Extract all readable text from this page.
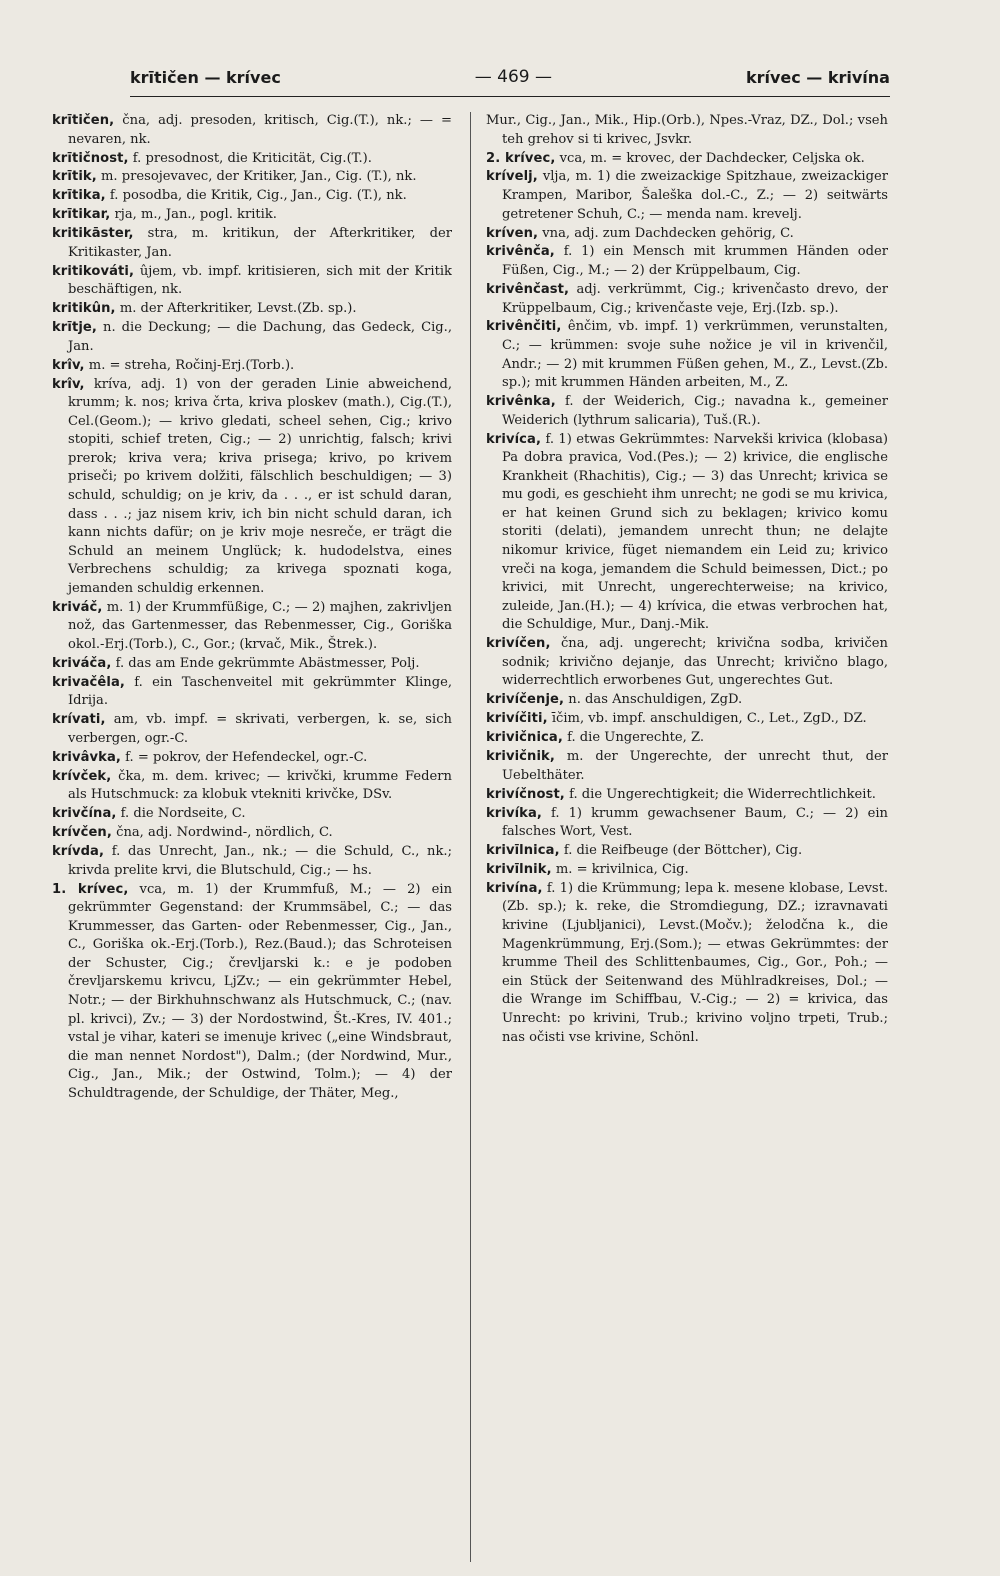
krītičen — krívec	— 469 —	krívec — krivína

krītičen, čna, adj. presoden, kritisch, Cig.(T.), nk.; — = nevaren, nk.

krītičnost, f. presodnost, die Kriticität, Cig.(T.).

krītik, m. presojevavec, der Kritiker, Jan., Cig. (T.), nk.

krītika, f. posodba, die Kritik, Cig., Jan., Cig. (T.), nk.

krītikar, rja, m., Jan., pogl. kritik.

kritikāster, stra, m. kritikun, der Afterkritiker, der Kritikaster, Jan.

kritikováti, ûjem, vb. impf. kritisieren, sich mit der Kritik beschäftigen, nk.

kritikûn, m. der Afterkritiker, Levst.(Zb. sp.).

krītje, n. die Deckung; — die Dachung, das Gedeck, Cig., Jan.

krîv, m. = streha, Ročinj-Erj.(Torb.).

krîv, kríva, adj. 1) von der geraden Linie abweichend, krumm; k. nos; kriva črta, kriva ploskev (math.), Cig.(T.), Cel.(Geom.); — krivo gledati, scheel sehen, Cig.; krivo stopiti, schief treten, Cig.; — 2) unrichtig, falsch; krivi prerok; kriva vera; kriva prisega; krivo, po krivem priseči; po krivem dolžiti, fälschlich beschuldigen; — 3) schuld, schuldig; on je kriv, da . . ., er ist schuld daran, dass . . .; jaz nisem kriv, ich bin nicht schuld daran, ich kann nichts dafür; on je kriv moje nesreče, er trägt die Schuld an meinem Unglück; k. hudodelstva, eines Verbrechens schuldig; za krivega spoznati koga, jemanden schuldig erkennen.

kriváč, m. 1) der Krummfüßige, C.; — 2) majhen, zakrivljen nož, das Gartenmesser, das Rebenmesser, Cig., Goriška okol.-Erj.(Torb.), C., Gor.; (krvač, Mik., Štrek.).

kriváča, f. das am Ende gekrümmte Abästmesser, Polj.

krivačêla, f. ein Taschenveitel mit gekrümmter Klinge, Idrija.

krívati, am, vb. impf. = skrivati, verbergen, k. se, sich verbergen, ogr.-C.

krivâvka, f. = pokrov, der Hefendeckel, ogr.-C.

krívček, čka, m. dem. krivec; — krivčki, krumme Federn als Hutschmuck: za klobuk vtekniti krivčke, DSv.

krivčína, f. die Nordseite, C.

krívčen, čna, adj. Nordwind-, nördlich, C.

krívda, f. das Unrecht, Jan., nk.; — die Schuld, C., nk.; krivda prelite krvi, die Blutschuld, Cig.; — hs.

1. krívec, vca, m. 1) der Krummfuß, M.; — 2) ein gekrümmter Gegenstand: der Krummsäbel, C.; — das Krummesser, das Garten- oder Rebenmesser, Cig., Jan., C., Goriška ok.-Erj.(Torb.), Rez.(Baud.); das Schroteisen der Schuster, Cig.; črevljarski k.: e je podoben črevljarskemu krivcu, LjZv.; — ein gekrümmter Hebel, Notr.; — der Birkhuhnschwanz als Hutschmuck, C.; (nav. pl. krivci), Zv.; — 3) der Nordostwind, Št.-Kres, IV. 401.; vstal je vihar, kateri se imenuje krivec („eine Windsbraut, die man nennet Nordost"), Dalm.; (der Nordwind, Mur., Cig., Jan., Mik.; der Ostwind, Tolm.); — 4) der Schuldtragende, der Schuldige, der Thäter, Meg.,

Mur., Cig., Jan., Mik., Hip.(Orb.), Npes.-Vraz, DZ., Dol.; vseh teh grehov si ti krivec, Jsvkr.

2. krívec, vca, m. = krovec, der Dachdecker, Celjska ok.

krívelj, vlja, m. 1) die zweizackige Spitzhaue, zweizackiger Krampen, Maribor, Šaleška dol.-C., Z.; — 2) seitwärts getretener Schuh, C.; — menda nam. krevelj.

kríven, vna, adj. zum Dachdecken gehörig, C.

krivênča, f. 1) ein Mensch mit krummen Händen oder Füßen, Cig., M.; — 2) der Krüppelbaum, Cig.

krivênčast, adj. verkrümmt, Cig.; krivenčasto drevo, der Krüppelbaum, Cig.; krivenčaste veje, Erj.(Izb. sp.).

krivênčiti, ênčim, vb. impf. 1) verkrümmen, verunstalten, C.; — krümmen: svoje suhe nožice je vil in krivenčil, Andr.; — 2) mit krummen Füßen gehen, M., Z., Levst.(Zb. sp.); mit krummen Händen arbeiten, M., Z.

krivênka, f. der Weiderich, Cig.; navadna k., gemeiner Weiderich (lythrum salicaria), Tuš.(R.).

krivíca, f. 1) etwas Gekrümmtes: Narvekši krivica (klobasa) Pa dobra pravica, Vod.(Pes.); — 2) krivice, die englische Krankheit (Rhachitis), Cig.; — 3) das Unrecht; krivica se mu godi, es geschieht ihm unrecht; ne godi se mu krivica, er hat keinen Grund sich zu beklagen; krivico komu storiti (delati), jemandem unrecht thun; ne delajte nikomur krivice, füget niemandem ein Leid zu; krivico vreči na koga, jemandem die Schuld beimessen, Dict.; po krivici, mit Unrecht, ungerechterweise; na krivico, zuleide, Jan.(H.); — 4) krívica, die etwas verbrochen hat, die Schuldige, Mur., Danj.-Mik.

krivíčen, čna, adj. ungerecht; krivična sodba, krivičen sodnik; krivično dejanje, das Unrecht; krivično blago, widerrechtlich erworbenes Gut, ungerechtes Gut.

krivíčenje, n. das Anschuldigen, ZgD.

krivíčiti, īčim, vb. impf. anschuldigen, C., Let., ZgD., DZ.

krivičnica, f. die Ungerechte, Z.

krivičnik, m. der Ungerechte, der unrecht thut, der Uebelthäter.

krivíčnost, f. die Ungerechtigkeit; die Widerrechtlichkeit.

krivíka, f. 1) krumm gewachsener Baum, C.; — 2) ein falsches Wort, Vest.

krivīlnica, f. die Reifbeuge (der Böttcher), Cig.

krivīlnik, m. = krivilnica, Cig.

krivína, f. 1) die Krümmung; lepa k. mesene klobase, Levst.(Zb. sp.); k. reke, die Stromdiegung, DZ.; izravnavati krivine (Ljubljanici), Levst.(Močv.); želodčna k., die Magenkrümmung, Erj.(Som.); — etwas Gekrümmtes: der krumme Theil des Schlittenbaumes, Cig., Gor., Poh.; — ein Stück der Seitenwand des Mühlradkreises, Dol.; — die Wrange im Schiffbau, V.-Cig.; — 2) = krivica, das Unrecht: po krivini, Trub.; krivino voljno trpeti, Trub.; nas očisti vse krivine, Schönl.
